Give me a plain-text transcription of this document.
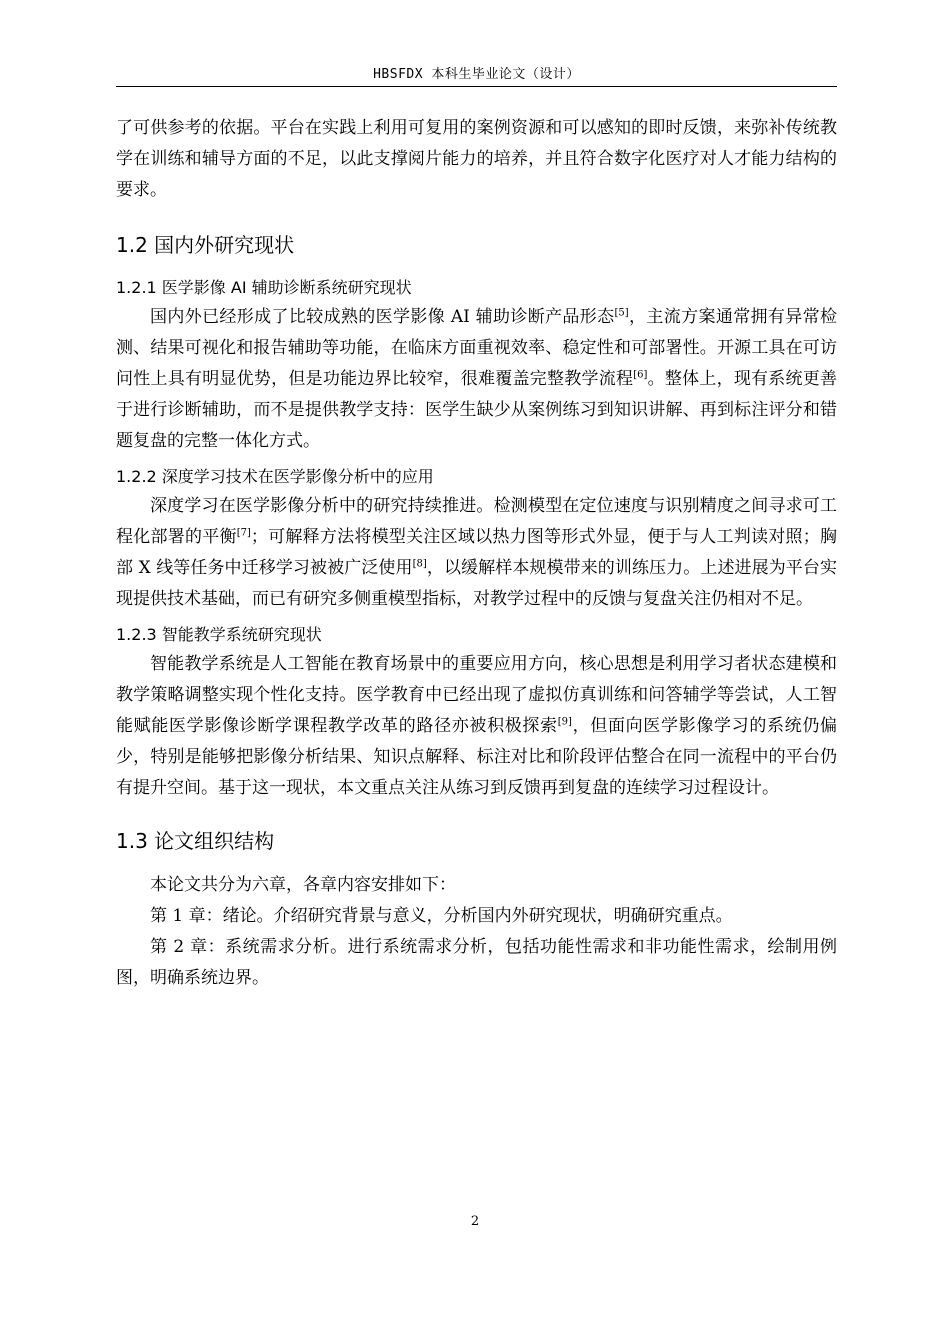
HBSFDX 本科生毕业论文（设计）

了可供参考的依据。平台在实践上利用可复用的案例资源和可以感知的即时反馈，来弥补传统教学在训练和辅导方面的不足，以此支撑阅片能力的培养，并且符合数字化医疗对人才能力结构的要求。

1.2 国内外研究现状
1.2.1 医学影像 AI 辅助诊断系统研究现状

国内外已经形成了比较成熟的医学影像 AI 辅助诊断产品形态[5]，主流方案通常拥有异常检测、结果可视化和报告辅助等功能，在临床方面重视效率、稳定性和可部署性。开源工具在可访问性上具有明显优势，但是功能边界比较窄，很难覆盖完整教学流程[6]。整体上，现有系统更善于进行诊断辅助，而不是提供教学支持：医学生缺少从案例练习到知识讲解、再到标注评分和错题复盘的完整一体化方式。

1.2.2 深度学习技术在医学影像分析中的应用

深度学习在医学影像分析中的研究持续推进。检测模型在定位速度与识别精度之间寻求可工程化部署的平衡[7]；可解释方法将模型关注区域以热力图等形式外显，便于与人工判读对照；胸部 X 线等任务中迁移学习被被广泛使用[8]，以缓解样本规模带来的训练压力。上述进展为平台实现提供技术基础，而已有研究多侧重模型指标，对教学过程中的反馈与复盘关注仍相对不足。

1.2.3 智能教学系统研究现状

智能教学系统是人工智能在教育场景中的重要应用方向，核心思想是利用学习者状态建模和教学策略调整实现个性化支持。医学教育中已经出现了虚拟仿真训练和问答辅学等尝试，人工智能赋能医学影像诊断学课程教学改革的路径亦被积极探索[9]，但面向医学影像学习的系统仍偏少，特别是能够把影像分析结果、知识点解释、标注对比和阶段评估整合在同一流程中的平台仍有提升空间。基于这一现状，本文重点关注从练习到反馈再到复盘的连续学习过程设计。

1.3 论文组织结构

本论文共分为六章，各章内容安排如下：

第 1 章：绪论。介绍研究背景与意义，分析国内外研究现状，明确研究重点。

第 2 章：系统需求分析。进行系统需求分析，包括功能性需求和非功能性需求，绘制用例图，明确系统边界。

2
